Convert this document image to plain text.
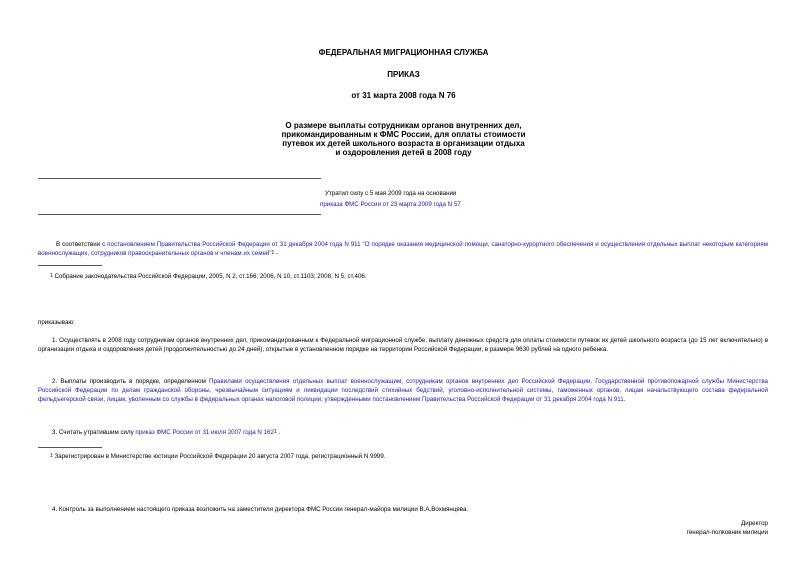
ФЕДЕРАЛЬНАЯ МИГРАЦИОННАЯ СЛУЖБА
ПРИКАЗ
от 31 марта 2008 года N 76
О размере выплаты сотрудникам органов внутренних дел,
прикомандированным к ФМС России, для оплаты стоимости
путевок их детей школьного возраста в организации отдыха
и оздоровления детей в 2008 году
Утратил силу с 5 мая 2009 года на основании
приказа ФМС России от 23 марта 2009 года N 57
В соответствии с постановлением Правительства Российской Федерации от 31 декабря 2004 года N 911 "О порядке оказания медицинской помощи, санаторно-курортного обеспечения и осуществления отдельных выплат некоторым категориям военнослужащих, сотрудников правоохранительных органов и членам их семей"$^1$ -
$^1$ Собрание законодательства Российской Федерации, 2005, N 2, ст.166; 2006, N 10, ст.1103; 2008, N 5, ст.406.
приказываю:
1. Осуществлять в 2008 году сотрудникам органов внутренних дел, прикомандированным к Федеральной миграционной службе, выплату денежных средств для оплаты стоимости путевок их детей школьного возраста (до 15 лет включительно) в организации отдыха и оздоровления детей (продолжительностью до 24 дней), открытые в установленном порядке на территории Российской Федерации, в размере 9630 рублей на одного ребенка.
2. Выплаты производить в порядке, определенном Правилами осуществления отдельных выплат военнослужащим, сотрудникам органов внутренних дел Российской Федерации, Государственной противопожарной службы Министерства Российской Федерации по делам гражданской обороны, чрезвычайным ситуациям и ликвидации последствий стихийных бедствий, уголовно-исполнительной системы, таможенных органов, лицам начальствующего состава федеральной фельдъегерской связи, лицам, уволенным со службы в федеральных органах налоговой полиции, утвержденными постановлением Правительства Российской Федерации от 31 декабря 2004 года N 911.
3. Считать утратившим силу приказ ФМС России от 31 июля 2007 года N 162$^1$ .
$^1$ Зарегистрирован в Министерстве юстиции Российской Федерации 20 августа 2007 года, регистрационный N 9999.
4. Контроль за выполнением настоящего приказа возложить на заместителя директора ФМС России генерал-майора милиции В.А.Вохмянцева.
Директор
генерал-полковник милиции
